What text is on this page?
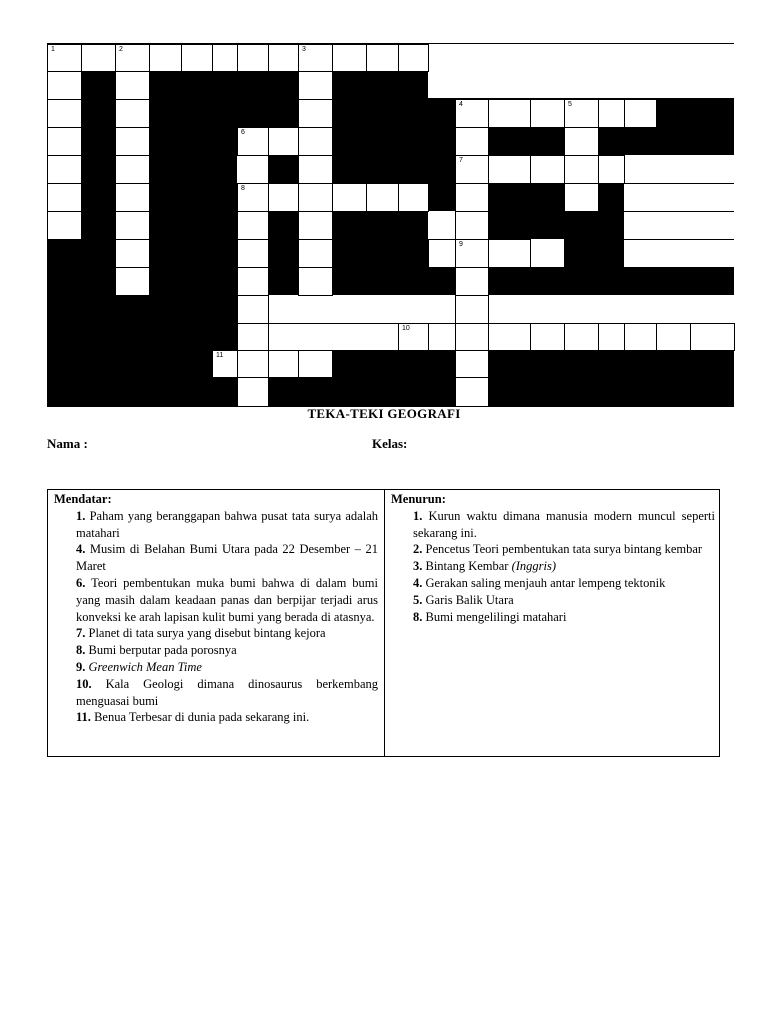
1	2	3
4	5
6
7
9
8
10
11
TEKA-TEKI GEOGRAFI
Nama :	Kelas:
Mendatar:
1. Paham yang beranggapan bahwa pusat tata surya adalah matahari
4. Musim di Belahan Bumi Utara pada 22 Desember – 21 Maret
6. Teori pembentukan muka bumi bahwa di dalam bumi yang masih dalam keadaan panas dan berpijar terjadi arus konveksi ke arah lapisan kulit bumi yang berada di atasnya.
7. Planet di tata surya yang disebut bintang kejora
8. Bumi berputar pada porosnya
9. Greenwich Mean Time
10. Kala Geologi dimana dinosaurus berkembang menguasai bumi
11. Benua Terbesar di dunia pada sekarang ini.
Menurun:
1. Kurun waktu dimana manusia modern muncul seperti sekarang ini.
2. Pencetus Teori pembentukan tata surya bintang kembar
3. Bintang Kembar (Inggris)
4. Gerakan saling menjauh antar lempeng tektonik
5. Garis Balik Utara
8. Bumi mengelilingi matahari
